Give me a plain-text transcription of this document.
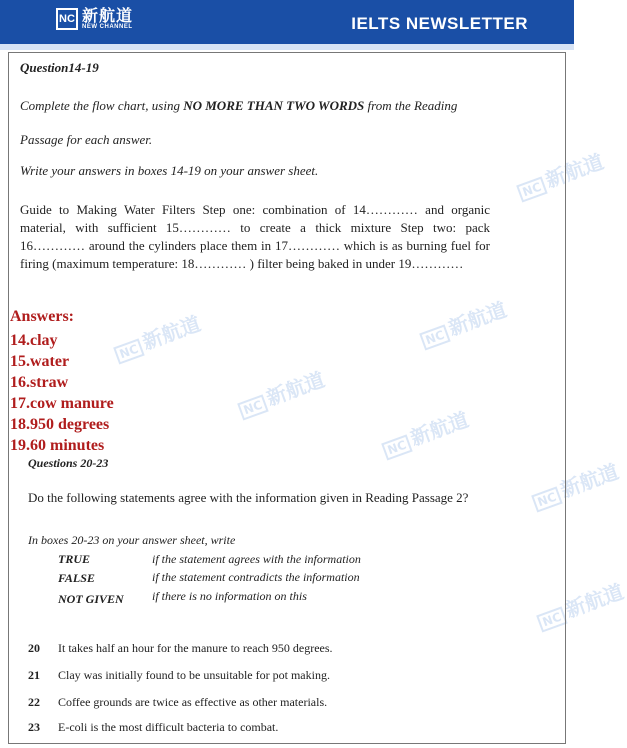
NC 新航道
NEW CHANNEL	IELTS NEWSLETTER
NC新航道
NC新航道	NC新航道
NC新航道
NC新航道
NC新航道
NC新航道
Question14-19
Complete the flow chart, using NO MORE THAN TWO WORDS from the Reading
Passage for each answer.
Write your answers in boxes 14-19 on your answer sheet.
Guide to Making Water Filters Step one: combination of 14………… and organic material, with sufficient 15………… to create a thick mixture Step two: pack 16………… around the cylinders place them in 17………… which is as burning fuel for firing (maximum temperature: 18………… ) filter being baked in under 19…………
Answers:
14.clay
15.water
16.straw
17.cow manure
18.950 degrees
19.60 minutes
Questions 20-23
Do the following statements agree with the information given in Reading Passage 2?
In boxes 20-23 on your answer sheet, write
TRUE	if the statement agrees with the information
FALSE	if the statement contradicts the information
NOT GIVEN if there is no information on this
20 It takes half an hour for the manure to reach 950 degrees.
21 Clay was initially found to be unsuitable for pot making.
22 Coffee grounds are twice as effective as other materials.
23 E-coli is the most difficult bacteria to combat.
